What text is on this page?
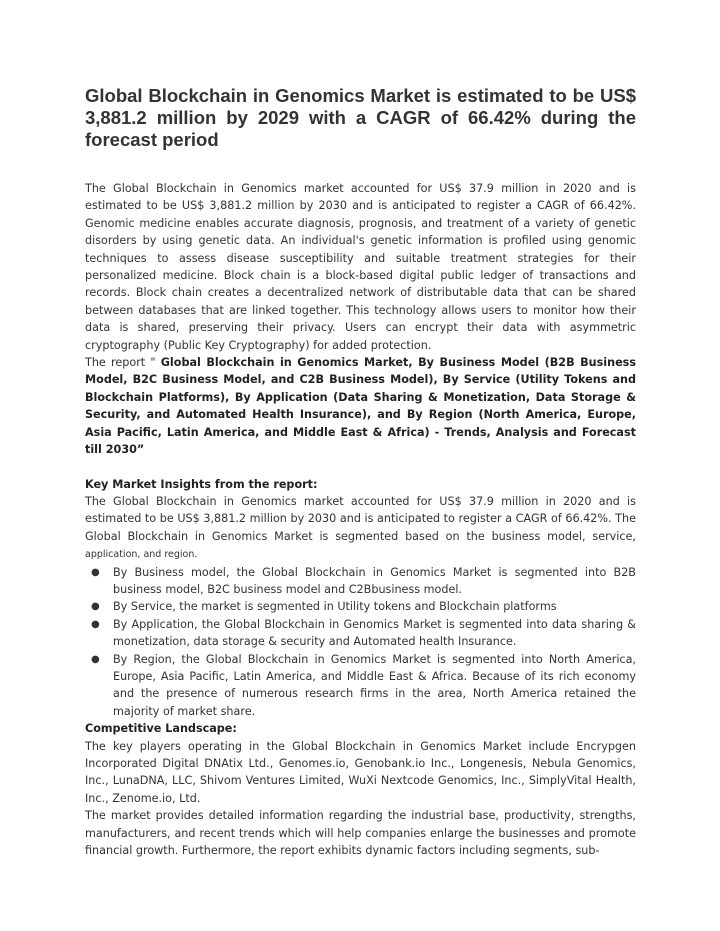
Global Blockchain in Genomics Market is estimated to be US$ 3,881.2 million by 2029 with a CAGR of 66.42% during the forecast period

The Global Blockchain in Genomics market accounted for US$ 37.9 million in 2020 and is estimated to be US$ 3,881.2 million by 2030 and is anticipated to register a CAGR of 66.42%. Genomic medicine enables accurate diagnosis, prognosis, and treatment of a variety of genetic disorders by using genetic data. An individual's genetic information is profiled using genomic techniques to assess disease susceptibility and suitable treatment strategies for their personalized medicine. Block chain is a block-based digital public ledger of transactions and records. Block chain creates a decentralized network of distributable data that can be shared between databases that are linked together. This technology allows users to monitor how their data is shared, preserving their privacy. Users can encrypt their data with asymmetric cryptography (Public Key Cryptography) for added protection.

The report " Global Blockchain in Genomics Market, By Business Model (B2B Business Model, B2C Business Model, and C2B Business Model), By Service (Utility Tokens and Blockchain Platforms), By Application (Data Sharing & Monetization, Data Storage & Security, and Automated Health Insurance), and By Region (North America, Europe, Asia Pacific, Latin America, and Middle East & Africa) - Trends, Analysis and Forecast till 2030”

Key Market Insights from the report:

The Global Blockchain in Genomics market accounted for US$ 37.9 million in 2020 and is estimated to be US$ 3,881.2 million by 2030 and is anticipated to register a CAGR of 66.42%. The Global Blockchain in Genomics Market is segmented based on the business model, service, application, and region.

● By Business model, the Global Blockchain in Genomics Market is segmented into B2B business model, B2C business model and C2Bbusiness model.
● By Service, the market is segmented in Utility tokens and Blockchain platforms
● By Application, the Global Blockchain in Genomics Market is segmented into data sharing & monetization, data storage & security and Automated health Insurance.
● By Region, the Global Blockchain in Genomics Market is segmented into North America, Europe, Asia Pacific, Latin America, and Middle East & Africa. Because of its rich economy and the presence of numerous research firms in the area, North America retained the majority of market share.

Competitive Landscape:

The key players operating in the Global Blockchain in Genomics Market include Encrypgen Incorporated Digital DNAtix Ltd., Genomes.io, Genobank.io Inc., Longenesis, Nebula Genomics, Inc., LunaDNA, LLC, Shivom Ventures Limited, WuXi Nextcode Genomics, Inc., SimplyVital Health, Inc., Zenome.io, Ltd.

The market provides detailed information regarding the industrial base, productivity, strengths, manufacturers, and recent trends which will help companies enlarge the businesses and promote financial growth. Furthermore, the report exhibits dynamic factors including segments, sub-
